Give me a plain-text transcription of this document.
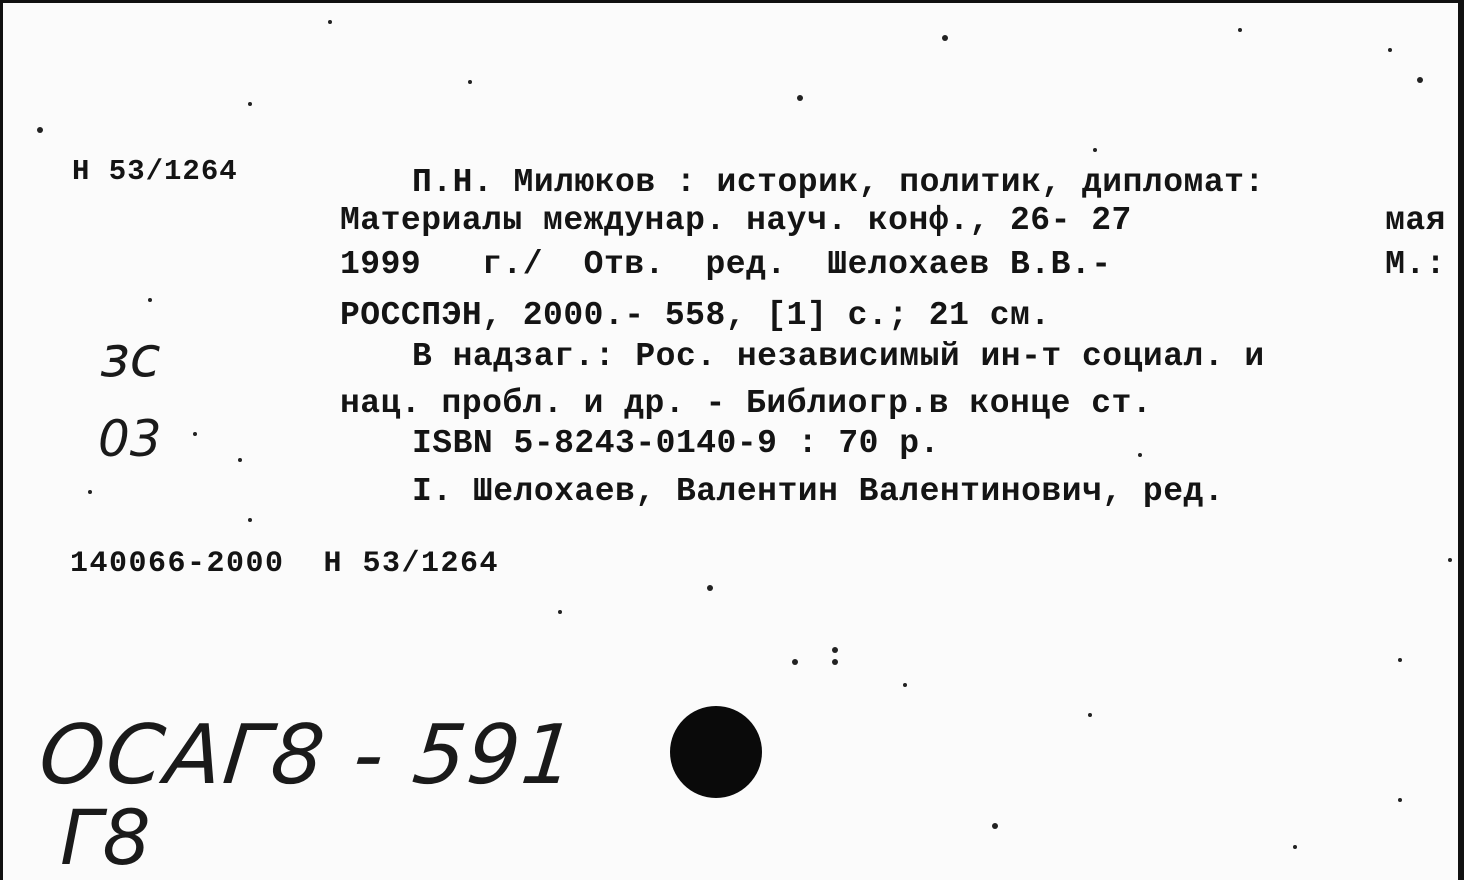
Н 53/1264	П.Н. Милюков : историк, политик, дипломат:
Материалы междунар. науч. конф., 26- 27	мая
1999   г./  Отв.  ред.  Шелохаев В.В.-	М.:
РОССПЭН, 2000.- 558, [1] с.; 21 см.
В надзаг.: Рос. независимый ин-т социал. и
нац. пробл. и др. - Библиогр.в конце ст.
ISBN 5-8243-0140-9 : 70 р.
I. Шелохаев, Валентин Валентинович, ред.
140066-2000  Н 53/1264
зс
03
ОСАГ8 - 591
Г8
